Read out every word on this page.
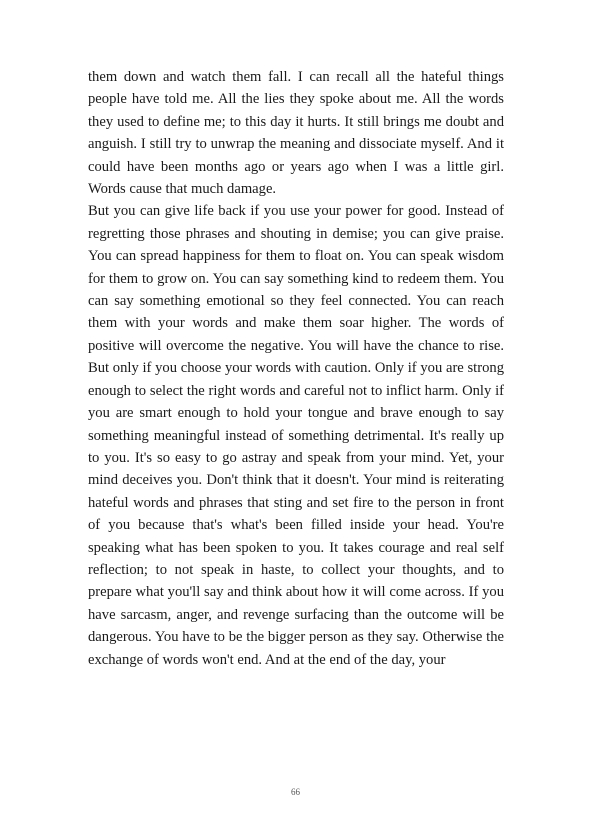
them down and watch them fall. I can recall all the hateful things people have told me. All the lies they spoke about me. All the words they used to define me; to this day it hurts. It still brings me doubt and anguish. I still try to unwrap the meaning and dissociate myself. And it could have been months ago or years ago when I was a little girl. Words cause that much damage.

But you can give life back if you use your power for good. Instead of regretting those phrases and shouting in demise; you can give praise. You can spread happiness for them to float on. You can speak wisdom for them to grow on. You can say something kind to redeem them. You can say something emotional so they feel connected. You can reach them with your words and make them soar higher. The words of positive will overcome the negative. You will have the chance to rise. But only if you choose your words with caution. Only if you are strong enough to select the right words and careful not to inflict harm. Only if you are smart enough to hold your tongue and brave enough to say something meaningful instead of something detrimental. It's really up to you. It's so easy to go astray and speak from your mind. Yet, your mind deceives you. Don't think that it doesn't. Your mind is reiterating hateful words and phrases that sting and set fire to the person in front of you because that's what's been filled inside your head. You're speaking what has been spoken to you. It takes courage and real self reflection; to not speak in haste, to collect your thoughts, and to prepare what you'll say and think about how it will come across. If you have sarcasm, anger, and revenge surfacing than the outcome will be dangerous. You have to be the bigger person as they say. Otherwise the exchange of words won't end. And at the end of the day, your

66
